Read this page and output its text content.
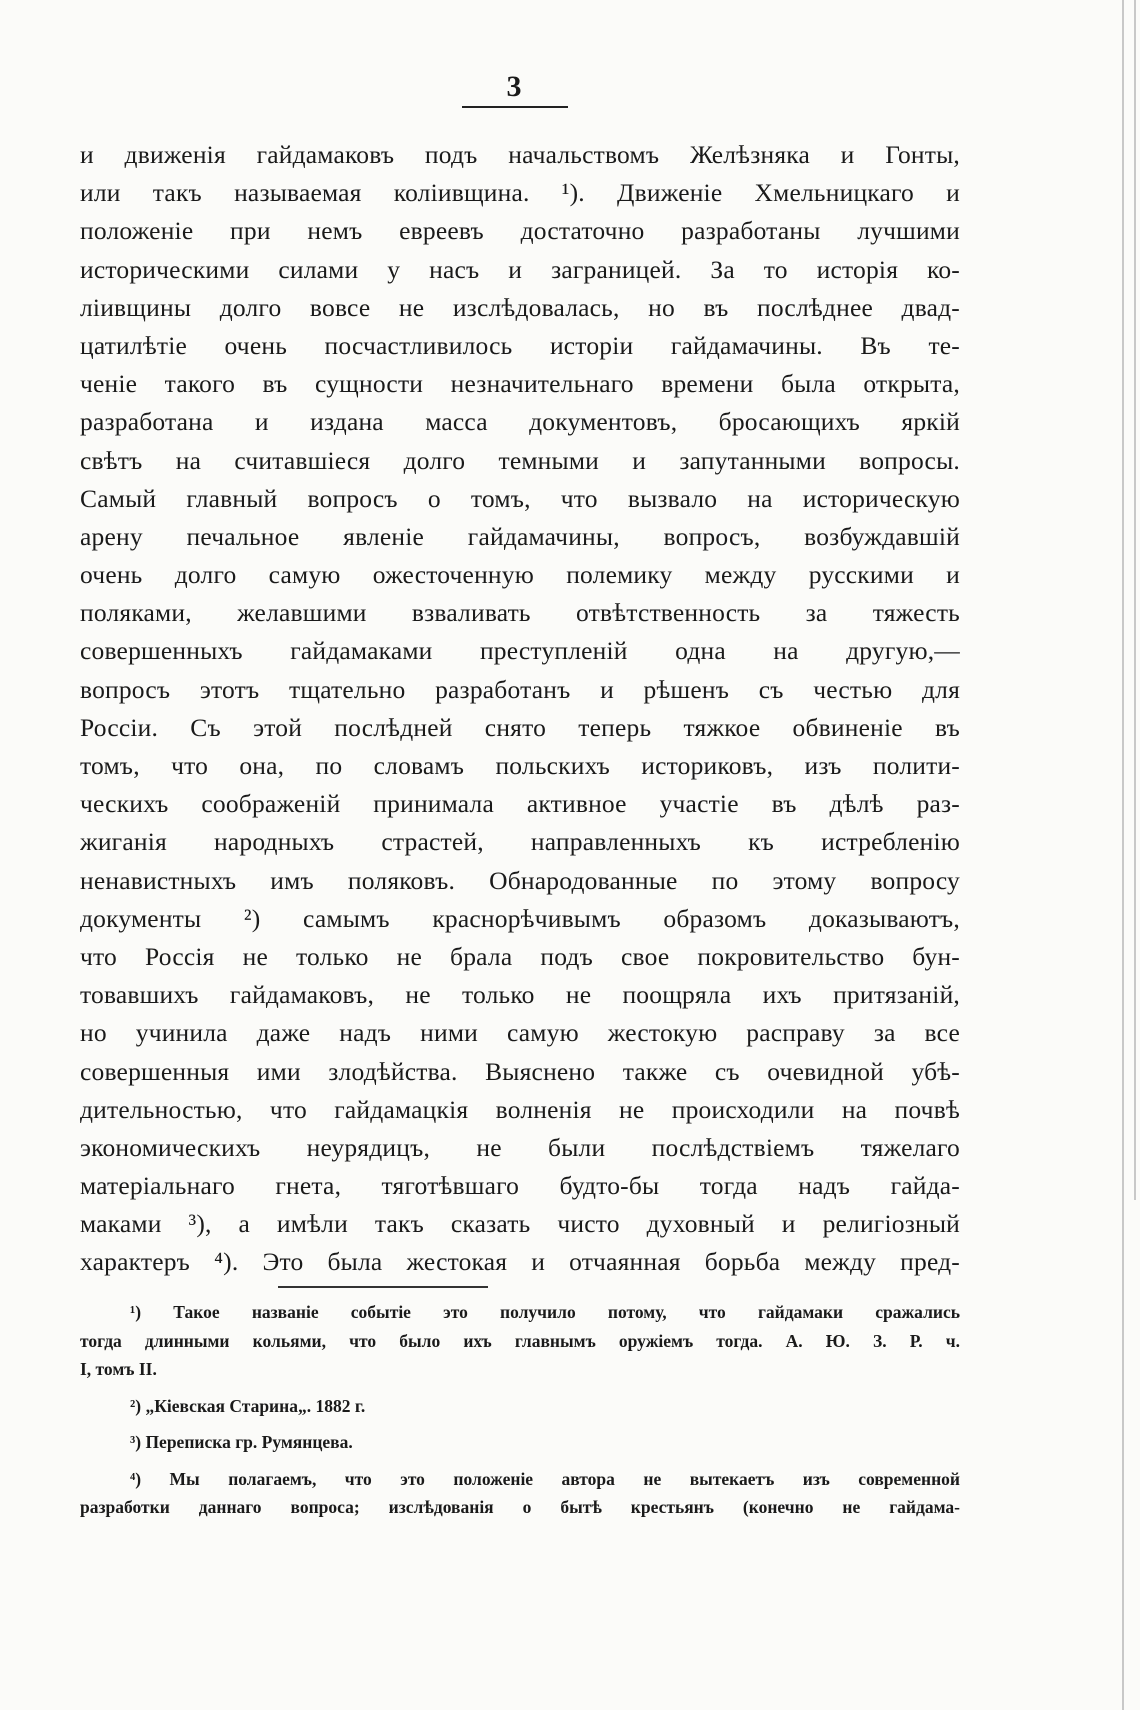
3
и движенія гайдамаковъ подъ начальствомъ Желѣзняка и Гонты,
или такъ называемая коліивщина. ¹). Движеніе Хмельницкаго и
положеніе при немъ евреевъ достаточно разработаны лучшими
историческими силами у насъ и заграницей. За то исторія ко-
ліивщины долго вовсе не изслѣдовалась, но въ послѣднее двад-
цатилѣтіе очень посчастливилось исторіи гайдамачины. Въ те-
ченіе такого въ сущности незначительнаго времени была открыта,
разработана и издана масса документовъ, бросающихъ яркій
свѣтъ на считавшіеся долго темными и запутанными вопросы.
Самый главный вопросъ о томъ, что вызвало на историческую
арену печальное явленіе гайдамачины, вопросъ, возбуждавшій
очень долго самую ожесточенную полемику между русскими и
поляками, желавшими взваливать отвѣтственность за тяжесть
совершенныхъ гайдамаками преступленій одна на другую,—
вопросъ этотъ тщательно разработанъ и рѣшенъ съ честью для
Россіи. Съ этой послѣдней снято теперь тяжкое обвиненіе въ
томъ, что она, по словамъ польскихъ историковъ, изъ полити-
ческихъ соображеній принимала активное участіе въ дѣлѣ раз-
жиганія народныхъ страстей, направленныхъ къ истребленію
ненавистныхъ имъ поляковъ. Обнародованные по этому вопросу
документы ²) самымъ краснорѣчивымъ образомъ доказываютъ,
что Россія не только не брала подъ свое покровительство бун-
товавшихъ гайдамаковъ, не только не поощряла ихъ притязаній,
но учинила даже надъ ними самую жестокую расправу за все
совершенныя ими злодѣйства. Выяснено также съ очевидной убѣ-
дительностью, что гайдамацкія волненія не происходили на почвѣ
экономическихъ неурядицъ, не были послѣдствіемъ тяжелаго
матеріальнаго гнета, тяготѣвшаго будто-бы тогда надъ гайда-
маками ³), а имѣли такъ сказать чисто духовный и религіозный
характеръ ⁴). Это была жестокая и отчаянная борьба между пред-
¹) Такое названіе событіе это получило потому, что гайдамаки сражались
тогда длинными кольями, что было ихъ главнымъ оружіемъ тогда. А. Ю. З. Р. ч.
I, томъ II.
²) „Кіевская Старина„. 1882 г.
³) Переписка гр. Румянцева.
⁴) Мы полагаемъ, что это положеніе автора не вытекаетъ изъ современной
разработки даннаго вопроса; изслѣдованія о бытѣ крестьянъ (конечно не гайдама-
